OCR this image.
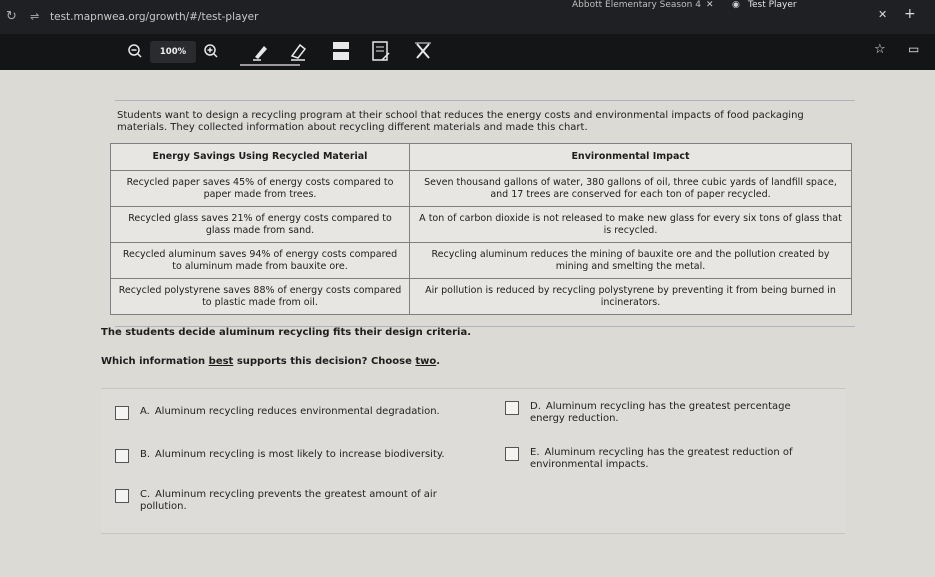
Abbott Elementary Season 4 ✕ ◉ Test Player
↻ ⇌ test.mapnwea.org/growth/#/test-player	✕ +
100%	☆ ▭
Students want to design a recycling program at their school that reduces the energy costs and environmental impacts of food packaging materials. They collected information about recycling different materials and made this chart.
Energy Savings Using Recycled Material	Environmental Impact
Recycled paper saves 45% of energy costs compared to paper made from trees.	Seven thousand gallons of water, 380 gallons of oil, three cubic yards of landfill space, and 17 trees are conserved for each ton of paper recycled.
Recycled glass saves 21% of energy costs compared to glass made from sand.	A ton of carbon dioxide is not released to make new glass for every six tons of glass that is recycled.
Recycled aluminum saves 94% of energy costs compared to aluminum made from bauxite ore.	Recycling aluminum reduces the mining of bauxite ore and the pollution created by mining and smelting the metal.
Recycled polystyrene saves 88% of energy costs compared to plastic made from oil.	Air pollution is reduced by recycling polystyrene by preventing it from being burned in incinerators.
The students decide aluminum recycling fits their design criteria.
Which information best supports this decision? Choose two.
A. Aluminum recycling reduces environmental degradation.
B. Aluminum recycling is most likely to increase biodiversity.
C. Aluminum recycling prevents the greatest amount of air pollution.
D. Aluminum recycling has the greatest percentage energy reduction.
E. Aluminum recycling has the greatest reduction of environmental impacts.
